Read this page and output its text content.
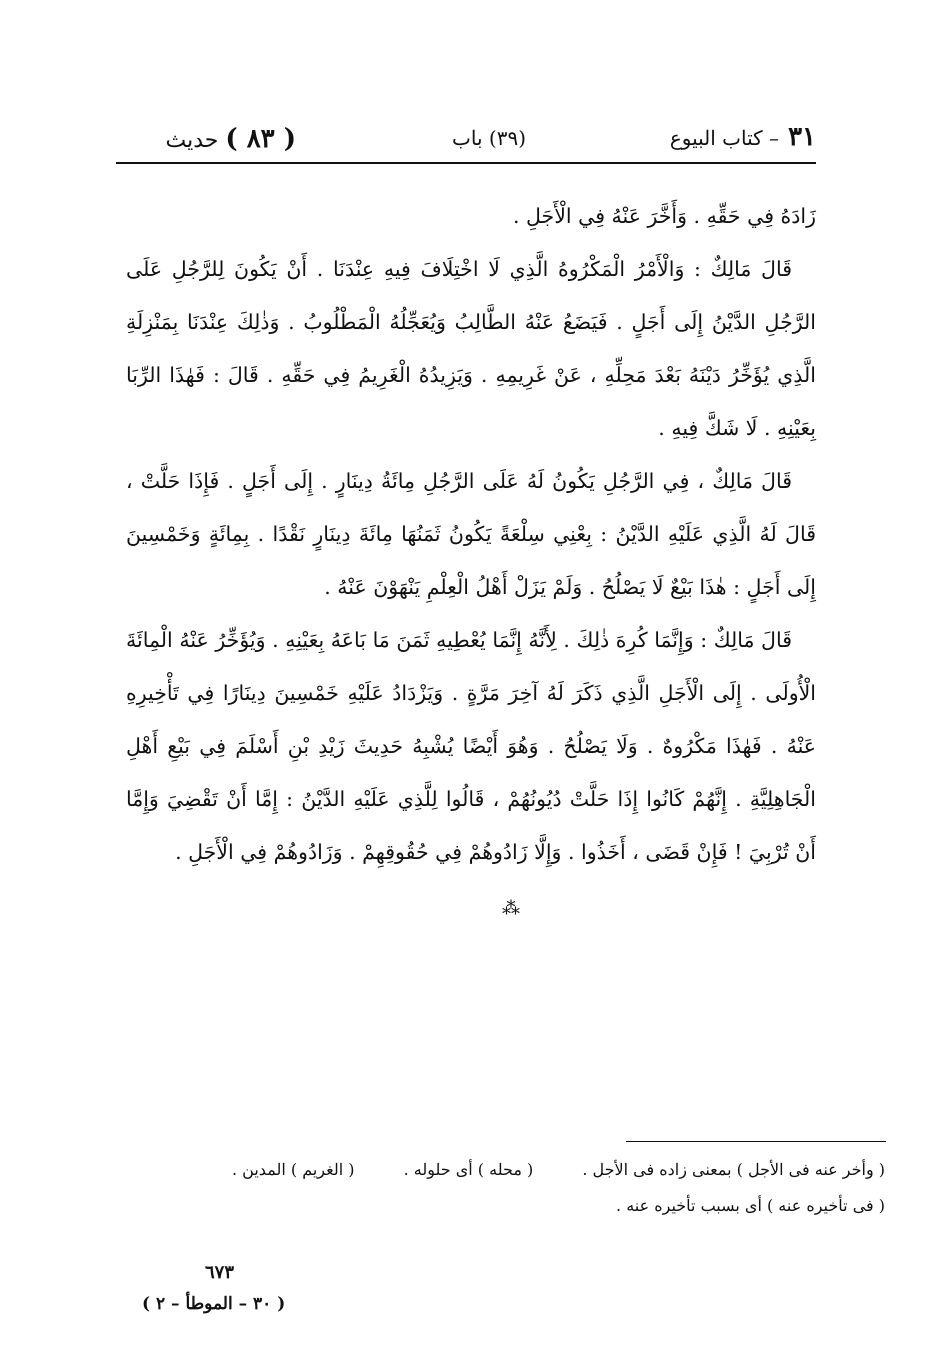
٣١ – كتاب البيوع
(٣٩) باب
( ٨٣ ) حديث

زَادَهُ فِي حَقِّهِ . وَأَخَّرَ عَنْهُ فِي الْأَجَلِ .

قَالَ مَالِكٌ : وَالْأَمْرُ الْمَكْرُوهُ الَّذِي لَا اخْتِلَافَ فِيهِ عِنْدَنَا . أَنْ يَكُونَ لِلرَّجُلِ عَلَى الرَّجُلِ الدَّيْنُ إِلَى أَجَلٍ . فَيَضَعُ عَنْهُ الطَّالِبُ وَيُعَجِّلُهُ الْمَطْلُوبُ . وَذٰلِكَ عِنْدَنَا بِمَنْزِلَةِ الَّذِي يُؤَخِّرُ دَيْنَهُ بَعْدَ مَحِلِّهِ ، عَنْ غَرِيمِهِ . وَيَزِيدُهُ الْغَرِيمُ فِي حَقِّهِ . قَالَ : فَهٰذَا الرِّبَا بِعَيْنِهِ . لَا شَكَّ فِيهِ .

قَالَ مَالِكٌ ، فِي الرَّجُلِ يَكُونُ لَهُ عَلَى الرَّجُلِ مِائَةُ دِينَارٍ . إِلَى أَجَلٍ . فَإِذَا حَلَّتْ ، قَالَ لَهُ الَّذِي عَلَيْهِ الدَّيْنُ : بِعْنِي سِلْعَةً يَكُونُ ثَمَنُهَا مِائَةَ دِينَارٍ نَقْدًا . بِمِائَةٍ وَخَمْسِينَ إِلَى أَجَلٍ : هٰذَا بَيْعٌ لَا يَصْلُحُ . وَلَمْ يَزَلْ أَهْلُ الْعِلْمِ يَنْهَوْنَ عَنْهُ .

قَالَ مَالِكٌ : وَإِنَّمَا كُرِهَ ذٰلِكَ . لِأَنَّهُ إِنَّمَا يُعْطِيهِ ثَمَنَ مَا بَاعَهُ بِعَيْنِهِ . وَيُؤَخِّرُ عَنْهُ الْمِائَةَ الْأُولَى . إِلَى الْأَجَلِ الَّذِي ذَكَرَ لَهُ آخِرَ مَرَّةٍ . وَيَزْدَادُ عَلَيْهِ خَمْسِينَ دِينَارًا فِي تَأْخِيرِهِ عَنْهُ . فَهٰذَا مَكْرُوهٌ . وَلَا يَصْلُحُ . وَهُوَ أَيْضًا يُشْبِهُ حَدِيثَ زَيْدِ بْنِ أَسْلَمَ فِي بَيْعِ أَهْلِ الْجَاهِلِيَّةِ . إِنَّهُمْ كَانُوا إِذَا حَلَّتْ دُيُونُهُمْ ، قَالُوا لِلَّذِي عَلَيْهِ الدَّيْنُ : إِمَّا أَنْ تَقْضِيَ وَإِمَّا أَنْ تُرْبِيَ ! فَإِنْ قَضَى ، أَخَذُوا . وَإِلَّا زَادُوهُمْ فِي حُقُوقِهِمْ . وَزَادُوهُمْ فِي الْأَجَلِ .

⁂
( وأخر عنه فى الأجل ) بمعنى زاده فى الأجل . ( محله ) أى حلوله . ( الغريم ) المدين .
( فى تأخيره عنه ) أى بسبب تأخيره عنه .
٦٧٣
( ٣٠ – الموطأ – ٢ )
